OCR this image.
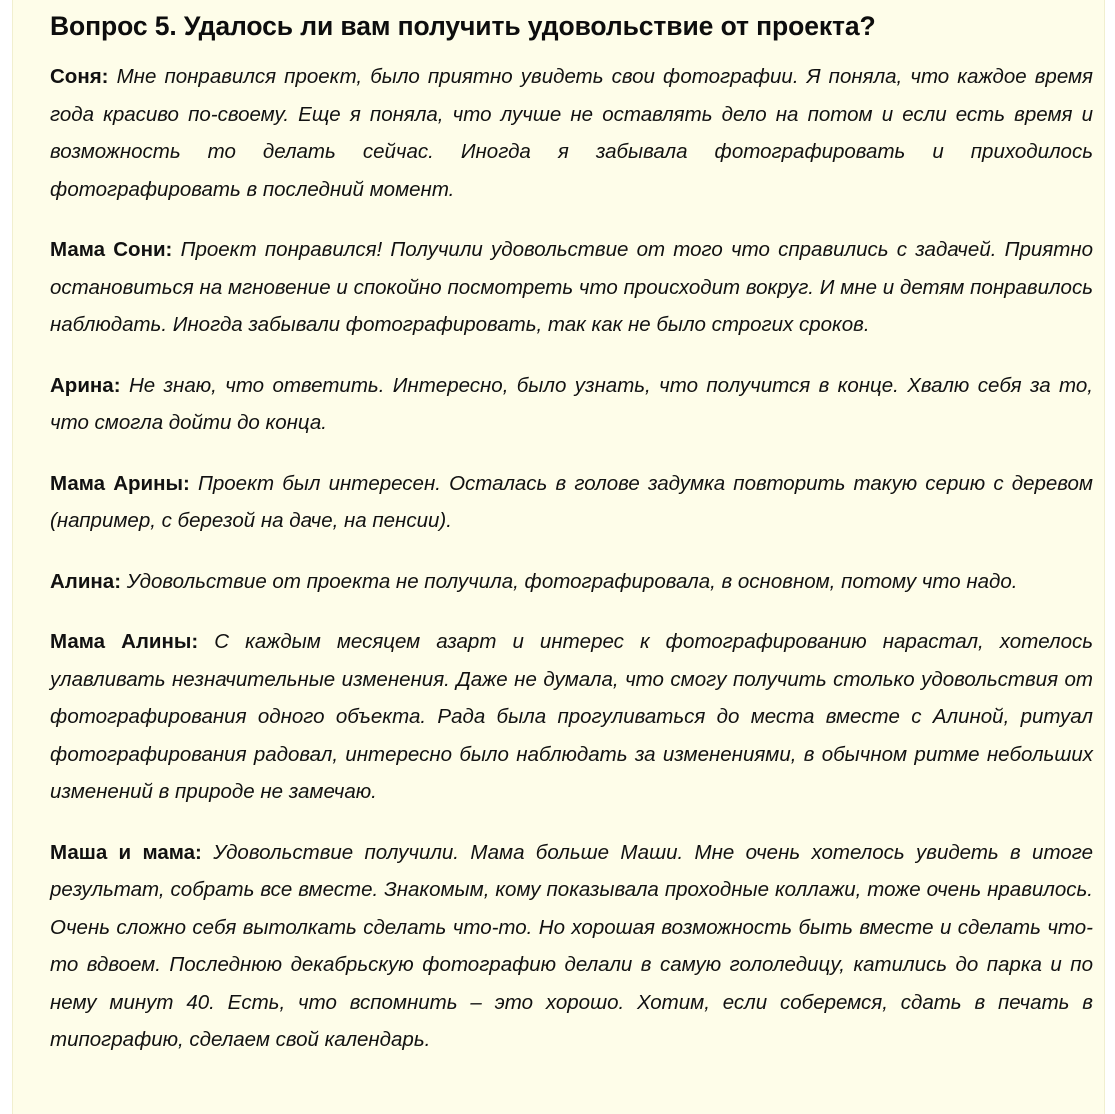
Вопрос 5. Удалось ли вам получить удовольствие от проекта?

Соня: Мне понравился проект, было приятно увидеть свои фотографии. Я поняла, что каждое время года красиво по-своему. Еще я поняла, что лучше не оставлять дело на потом и если есть время и возможность то делать сейчас. Иногда я забывала фотографировать и приходилось фотографировать в последний момент.

Мама Сони: Проект понравился! Получили удовольствие от того что справились с задачей. Приятно остановиться на мгновение и спокойно посмотреть что происходит вокруг. И мне и детям понравилось наблюдать. Иногда забывали фотографировать, так как не было строгих сроков.

Арина: Не знаю, что ответить. Интересно, было узнать, что получится в конце. Хвалю себя за то, что смогла дойти до конца.

Мама Арины: Проект был интересен. Осталась в голове задумка повторить такую серию с деревом (например, с березой на даче, на пенсии).

Алина: Удовольствие от проекта не получила, фотографировала, в основном, потому что надо.

Мама Алины: С каждым месяцем азарт и интерес к фотографированию нарастал, хотелось улавливать незначительные изменения. Даже не думала, что смогу получить столько удовольствия от фотографирования одного объекта. Рада была прогуливаться до места вместе с Алиной, ритуал фотографирования радовал, интересно было наблюдать за изменениями, в обычном ритме небольших изменений в природе не замечаю.

Маша и мама: Удовольствие получили. Мама больше Маши. Мне очень хотелось увидеть в итоге результат, собрать все вместе. Знакомым, кому показывала проходные коллажи, тоже очень нравилось. Очень сложно себя вытолкать сделать что-то. Но хорошая возможность быть вместе и сделать что-то вдвоем. Последнюю декабрьскую фотографию делали в самую гололедицу, катились до парка и по нему минут 40. Есть, что вспомнить – это хорошо. Хотим, если соберемся, сдать в печать в типографию, сделаем свой календарь.
